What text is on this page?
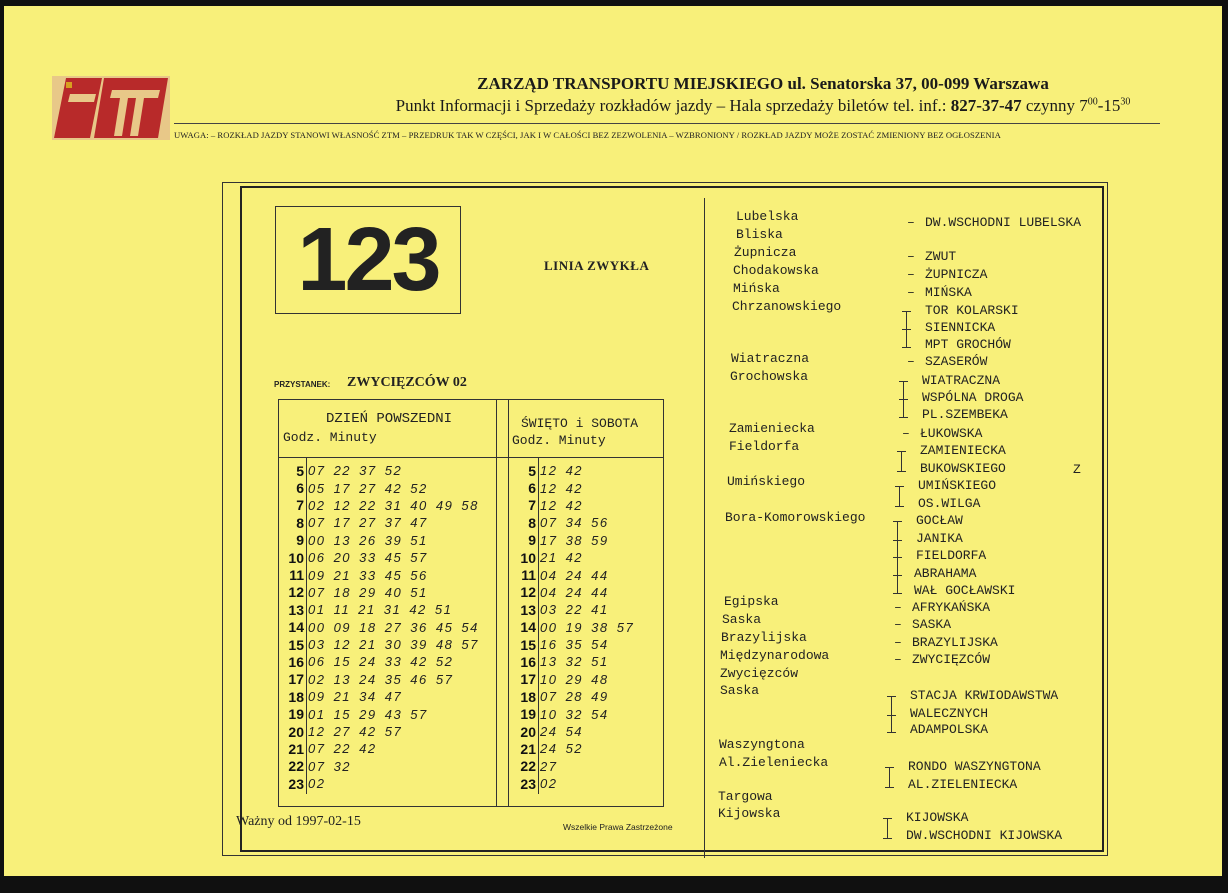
ZARZĄD TRANSPORTU MIEJSKIEGO ul. Senatorska 37, 00-099 Warszawa
Punkt Informacji i Sprzedaży rozkładów jazdy – Hala sprzedaży biletów tel. inf.: 827-37-47 czynny $7^{00}-15^{30}$
UWAGA: – ROZKŁAD JAZDY STANOWI WŁASNOŚĆ ZTM – PRZEDRUK TAK W CZĘŚCI, JAK I W CAŁOŚCI BEZ ZEZWOLENIA – WZBRONIONY / ROZKŁAD JAZDY MOŻE ZOSTAĆ ZMIENIONY BEZ OGŁOSZENIA
123	LINIA ZWYKŁA
PRZYSTANEK: ZWYCIĘZCÓW 02
DZIEŃ POWSZEDNI
Godz. Minuty
ŚWIĘTO i SOBOTA
Godz. Minuty
5 07 22 37 52
6 05 17 27 42 52
7 02 12 22 31 40 49 58
8 07 17 27 37 47
9 00 13 26 39 51
10 06 20 33 45 57
11 09 21 33 45 56
12 07 18 29 40 51
13 01 11 21 31 42 51
14 00 09 18 27 36 45 54
15 03 12 21 30 39 48 57
16 06 15 24 33 42 52
17 02 13 24 35 46 57
18 09 21 34 47
19 01 15 29 43 57
20 12 27 42 57
21 07 22 42
22 07 32
23 02
5 12 42
6 12 42
7 12 42
8 07 34 56
9 17 38 59
10 21 42
11 04 24 44
12 04 24 44
13 03 22 41
14 00 19 38 57
15 16 35 54
16 13 32 51
17 10 29 48
18 07 28 49
19 10 32 54
20 24 54
21 24 52
22 27
23 02
Ważny od 1997-02-15	Wszelkie Prawa Zastrzeżone
Lubelska
Bliska
Żupnicza
Chodakowska
Mińska
Chrzanowskiego
Wiatraczna
Grochowska
Zamieniecka
Fieldorfa
Umińskiego
Bora-Komorowskiego
Egipska
Saska
Brazylijska
Międzynarodowa
Zwycięzców
Saska
Waszyngtona
Al.Zieleniecka
Targowa
Kijowska
DW.WSCHODNI LUBELSKA
ZWUT
ŻUPNICZA
MIŃSKA
TOR KOLARSKI
SIENNICKA
MPT GROCHÓW
SZASERÓW
WIATRACZNA
WSPÓLNA DROGA
PL.SZEMBEKA
ŁUKOWSKA
ZAMIENIECKA
BUKOWSKIEGO
UMIŃSKIEGO
OS.WILGA
GOCŁAW
JANIKA
FIELDORFA
ABRAHAMA
WAŁ GOCŁAWSKI
AFRYKAŃSKA
SASKA
BRAZYLIJSKA
ZWYCIĘZCÓW
STACJA KRWIODAWSTWA
WALECZNYCH
ADAMPOLSKA
RONDO WASZYNGTONA
AL.ZIELENIECKA
KIJOWSKA
DW.WSCHODNI KIJOWSKA
–
–
–
–
–
–
–
–
–
–
Z
